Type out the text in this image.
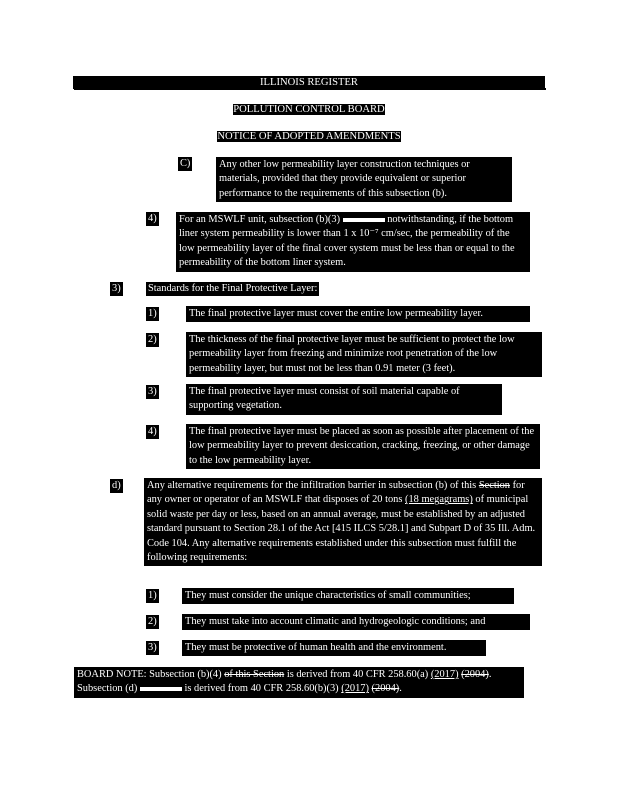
ILLINOIS REGISTER
POLLUTION CONTROL BOARD
NOTICE OF ADOPTED AMENDMENTS
C)	Any other low permeability layer construction techniques or materials, provided that they provide equivalent or superior performance to the requirements of this subsection (b).
4) For an MSWLF unit, subsection (b)(3)	notwithstanding, if the bottom liner system permeability is lower than 1 x 10⁻⁷ cm/sec, the permeability of the low permeability layer of the final cover system must be less than or equal to the permeability of the bottom liner system.
3)	Standards for the Final Protective Layer:
1)	The final protective layer must cover the entire low permeability layer.
2)	The thickness of the final protective layer must be sufficient to protect the low permeability layer from freezing and minimize root penetration of the low permeability layer, but must not be less than 0.91 meter (3 feet).
3)	The final protective layer must consist of soil material capable of supporting vegetation.
4)	The final protective layer must be placed as soon as possible after placement of the low permeability layer to prevent desiccation, cracking, freezing, or other damage to the low permeability layer.
d)	Any alternative requirements for the infiltration barrier in subsection (b) of this Section for any owner or operator of an MSWLF that disposes of 20 tons (18 megagrams) of municipal solid waste per day or less, based on an annual average, must be established by an adjusted standard pursuant to Section 28.1 of the Act [415 ILCS 5/28.1] and Subpart D of 35 Ill. Adm. Code 104. Any alternative requirements established under this subsection must fulfill the following requirements:
1)	They must consider the unique characteristics of small communities;
2)	They must take into account climatic and hydrogeologic conditions; and
3)	They must be protective of human health and the environment.
BOARD NOTE: Subsection (b)(4) of this Section is derived from 40 CFR 258.60(a) (2017) (2004). Subsection (d)	is derived from 40 CFR 258.60(b)(3) (2017) (2004).
